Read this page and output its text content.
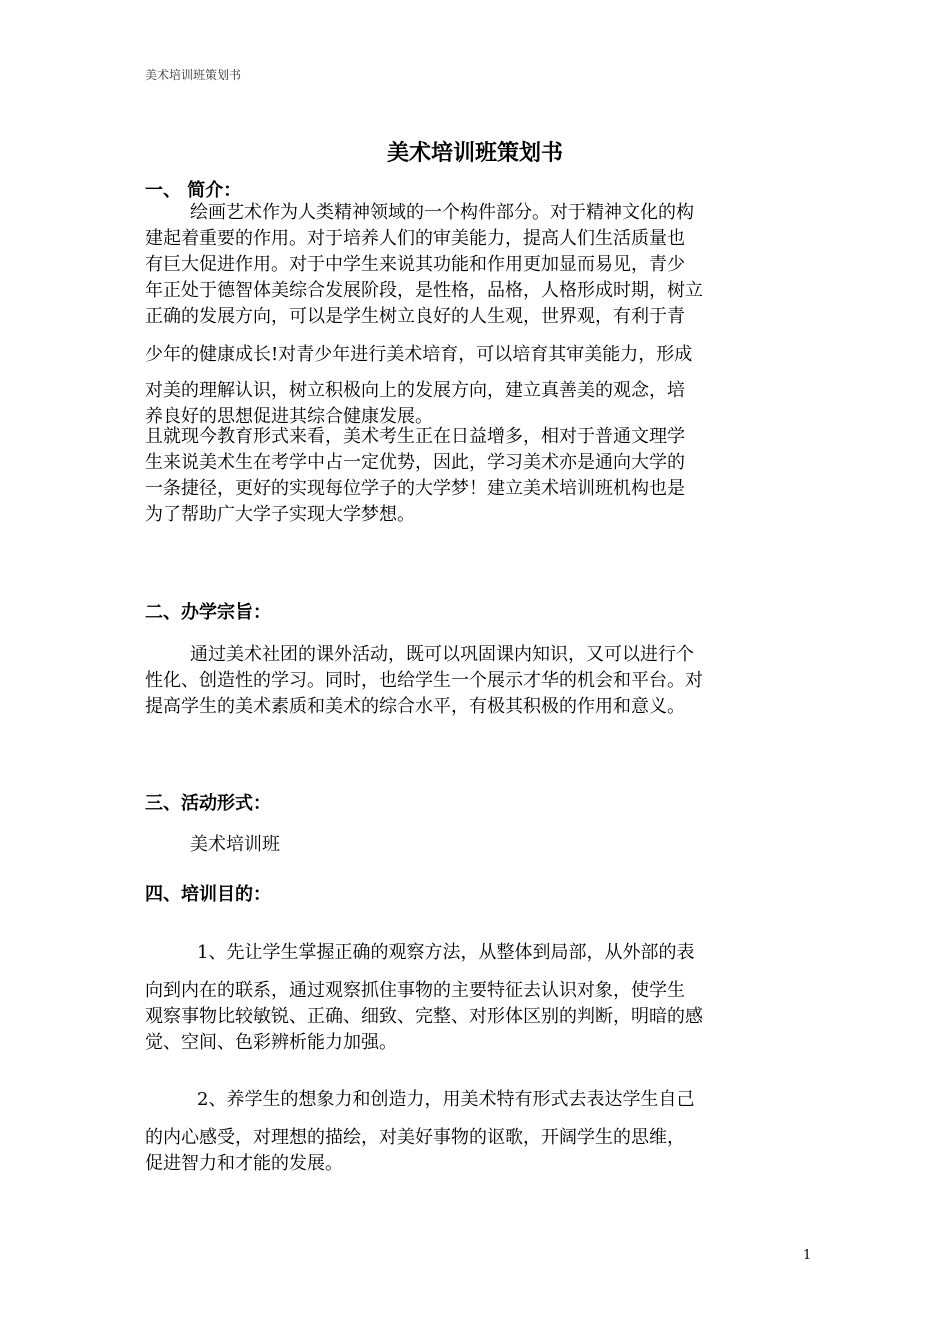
美术培训班策划书
美术培训班策划书
一、 简介：
绘画艺术作为人类精神领域的一个构件部分。对于精神文化的构
建起着重要的作用。对于培养人们的审美能力，提高人们生活质量也
有巨大促进作用。对于中学生来说其功能和作用更加显而易见，青少
年正处于德智体美综合发展阶段，是性格，品格，人格形成时期，树立
正确的发展方向，可以是学生树立良好的人生观，世界观，有利于青
少年的健康成长!对青少年进行美术培育，可以培育其审美能力，形成
对美的理解认识，树立积极向上的发展方向，建立真善美的观念，培
养良好的思想促进其综合健康发展。
且就现今教育形式来看，美术考生正在日益增多，相对于普通文理学
生来说美术生在考学中占一定优势，因此，学习美术亦是通向大学的
一条捷径，更好的实现每位学子的大学梦！建立美术培训班机构也是
为了帮助广大学子实现大学梦想。
二、办学宗旨：
通过美术社团的课外活动，既可以巩固课内知识，又可以进行个
性化、创造性的学习。同时，也给学生一个展示才华的机会和平台。对
提高学生的美术素质和美术的综合水平，有极其积极的作用和意义。
三、活动形式：
美术培训班
四、培训目的：
1、先让学生掌握正确的观察方法，从整体到局部，从外部的表
向到内在的联系，通过观察抓住事物的主要特征去认识对象，使学生
观察事物比较敏锐、正确、细致、完整、对形体区别的判断，明暗的感
觉、空间、色彩辨析能力加强。
2、养学生的想象力和创造力，用美术特有形式去表达学生自己
的内心感受，对理想的描绘，对美好事物的讴歌，开阔学生的思维，
促进智力和才能的发展。
1
